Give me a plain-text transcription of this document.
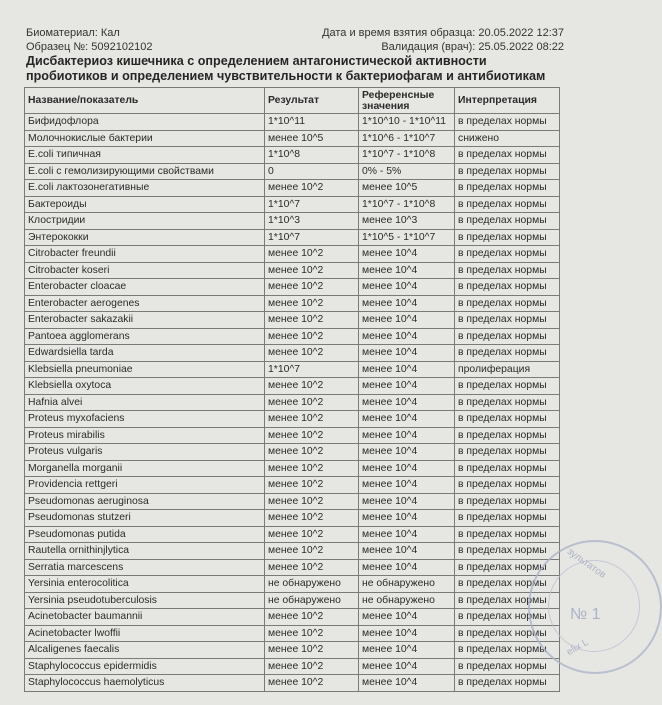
Биоматериал: Кал
Образец №: 5092102102
Дата и время взятия образца: 20.05.2022 12:37
Валидация (врач): 25.05.2022 08:22
Дисбактериоз кишечника с определением антагонистической активности
пробиотиков и определением чувствительности к бактериофагам и антибиотикам
Название/показатель	Результат	Референсные значения	Интерпретация
Бифидофлора	1*10^11	1*10^10 - 1*10^11	в пределах нормы
Молочнокислые бактерии	менее 10^5	1*10^6 - 1*10^7	снижено
E.coli типичная	1*10^8	1*10^7 - 1*10^8	в пределах нормы
E.coli с гемолизирующими свойствами	0	0% - 5%	в пределах нормы
E.coli лактозонегативные	менее 10^2	менее 10^5	в пределах нормы
Бактероиды	1*10^7	1*10^7 - 1*10^8	в пределах нормы
Клостридии	1*10^3	менее 10^3	в пределах нормы
Энтерококки	1*10^7	1*10^5 - 1*10^7	в пределах нормы
Citrobacter freundii	менее 10^2	менее 10^4	в пределах нормы
Citrobacter koseri	менее 10^2	менее 10^4	в пределах нормы
Enterobacter cloacae	менее 10^2	менее 10^4	в пределах нормы
Enterobacter aerogenes	менее 10^2	менее 10^4	в пределах нормы
Enterobacter sakazakii	менее 10^2	менее 10^4	в пределах нормы
Pantoea agglomerans	менее 10^2	менее 10^4	в пределах нормы
Edwardsiella tarda	менее 10^2	менее 10^4	в пределах нормы
Klebsiella pneumoniae	1*10^7	менее 10^4	пролиферация
Klebsiella oxytoca	менее 10^2	менее 10^4	в пределах нормы
Hafnia alvei	менее 10^2	менее 10^4	в пределах нормы
Proteus myxofaciens	менее 10^2	менее 10^4	в пределах нормы
Proteus mirabilis	менее 10^2	менее 10^4	в пределах нормы
Proteus vulgaris	менее 10^2	менее 10^4	в пределах нормы
Morganella morganii	менее 10^2	менее 10^4	в пределах нормы
Providencia rettgeri	менее 10^2	менее 10^4	в пределах нормы
Pseudomonas aeruginosa	менее 10^2	менее 10^4	в пределах нормы
Pseudomonas stutzeri	менее 10^2	менее 10^4	в пределах нормы
Pseudomonas putida	менее 10^2	менее 10^4	в пределах нормы
Rautella ornithinjlytica	менее 10^2	менее 10^4	в пределах нормы
Serratia marcescens	менее 10^2	менее 10^4	в пределах нормы
Yersinia enterocolitica	не обнаружено	не обнаружено	в пределах нормы
Yersinia pseudotuberculosis	не обнаружено	не обнаружено	в пределах нормы
Acinetobacter baumannii	менее 10^2	менее 10^4	в пределах нормы
Acinetobacter lwoffii	менее 10^2	менее 10^4	в пределах нормы
Alcaligenes faecalis	менее 10^2	менее 10^4	в пределах нормы
Staphylococcus epidermidis	менее 10^2	менее 10^4	в пределах нормы
Staphylococcus haemolyticus	менее 10^2	менее 10^4	в пределах нормы
зультатов
№ 1
elix L
